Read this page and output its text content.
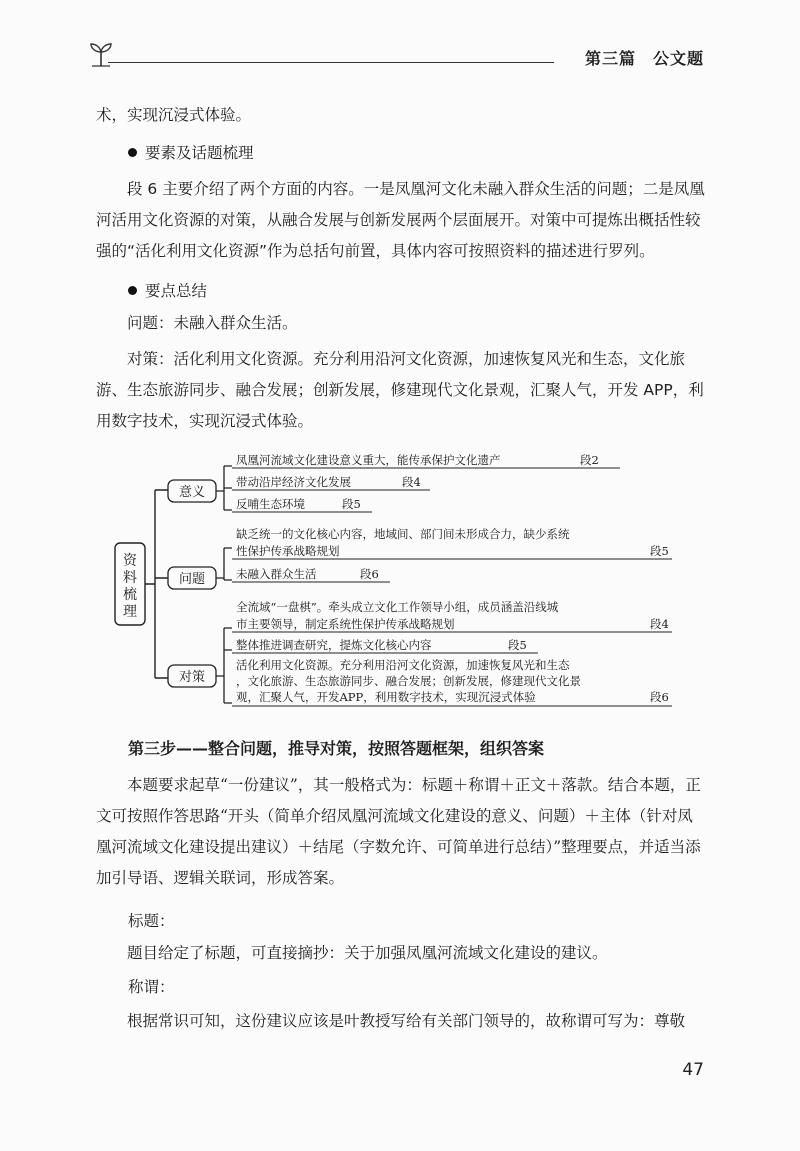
第三篇　公文题

术，实现沉浸式体验。

要素及话题梳理

段 6 主要介绍了两个方面的内容。一是凤凰河文化未融入群众生活的问题；二是凤凰河活用文化资源的对策，从融合发展与创新发展两个层面展开。对策中可提炼出概括性较强的“活化利用文化资源”作为总括句前置，具体内容可按照资料的描述进行罗列。

要点总结

问题：未融入群众生活。

对策：活化利用文化资源。充分利用沿河文化资源，加速恢复风光和生态，文化旅游、生态旅游同步、融合发展；创新发展，修建现代文化景观，汇聚人气，开发 APP，利用数字技术，实现沉浸式体验。

资
料
梳
理
意义
问题
对策
凤凰河流域文化建设意义重大，能传承保护文化遗产	段2
带动沿岸经济文化发展	段4
反哺生态环境	段5
缺乏统一的文化核心内容，地域间、部门间未形成合力，缺少系统
性保护传承战略规划	段5
未融入群众生活	段6
全流域“一盘棋”。牵头成立文化工作领导小组，成员涵盖沿线城
市主要领导，制定系统性保护传承战略规划	段4
整体推进调查研究，提炼文化核心内容	段5
活化利用文化资源。充分利用沿河文化资源，加速恢复风光和生态
，文化旅游、生态旅游同步、融合发展；创新发展，修建现代文化景
观，汇聚人气，开发APP，利用数字技术，实现沉浸式体验	段6

第三步——整合问题，推导对策，按照答题框架，组织答案

本题要求起草“一份建议”，其一般格式为：标题＋称谓＋正文＋落款。结合本题，正文可按照作答思路“开头（简单介绍凤凰河流域文化建设的意义、问题）＋主体（针对凤凰河流域文化建设提出建议）＋结尾（字数允许、可简单进行总结）”整理要点，并适当添加引导语、逻辑关联词，形成答案。

标题：

题目给定了标题，可直接摘抄：关于加强凤凰河流域文化建设的建议。

称谓：

根据常识可知，这份建议应该是叶教授写给有关部门领导的，故称谓可写为：尊敬

47
